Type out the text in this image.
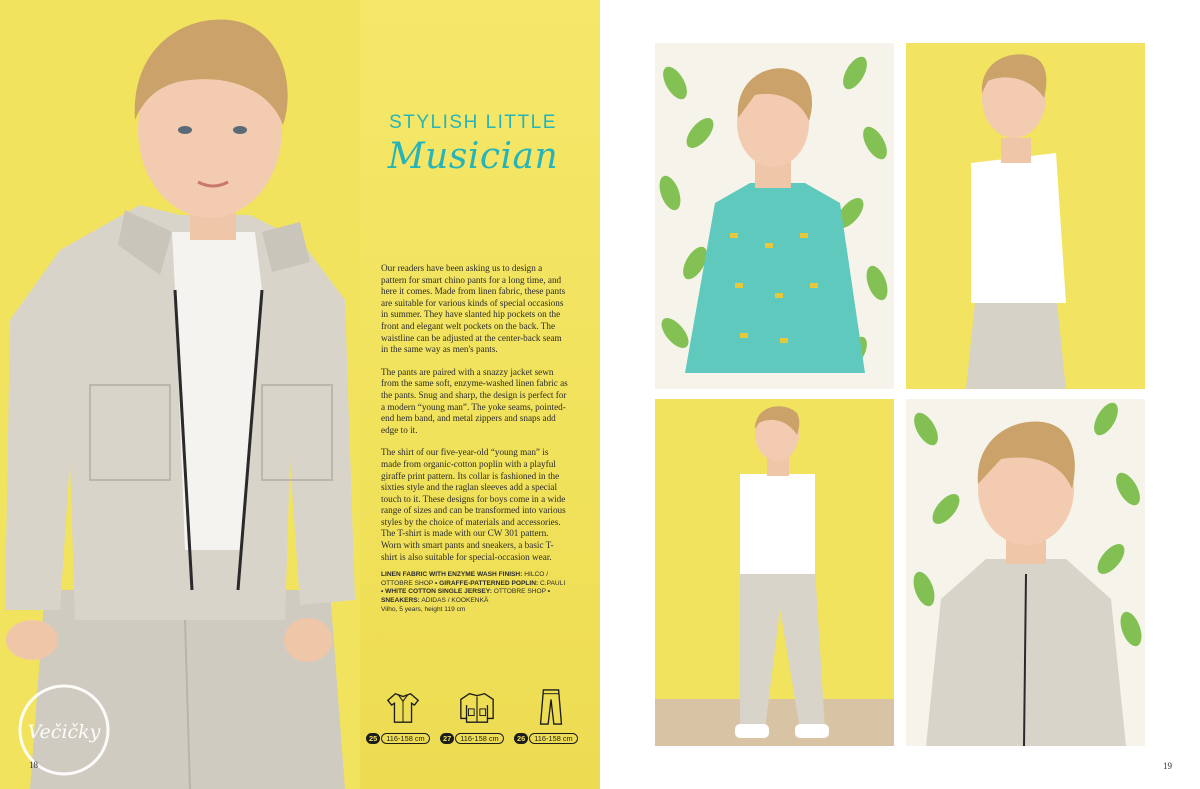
STYLISH LITTLE
Musician

Our readers have been asking us to design a pattern for smart chino pants for a long time, and here it comes. Made from linen fabric, these pants are suitable for various kinds of special occasions in summer. They have slanted hip pockets on the front and elegant welt pockets on the back. The waistline can be adjusted at the center-back seam in the same way as men's pants.

The pants are paired with a snazzy jacket sewn from the same soft, enzyme-washed linen fabric as the pants. Snug and sharp, the design is perfect for a modern “young man”. The yoke seams, pointed-end hem band, and metal zippers and snaps add edge to it.

The shirt of our five-year-old “young man” is made from organic-cotton poplin with a playful giraffe print pattern. Its collar is fashioned in the sixties style and the raglan sleeves add a special touch to it. These designs for boys come in a wide range of sizes and can be transformed into various styles by the choice of materials and accessories. The T-shirt is made with our CW 301 pattern. Worn with smart pants and sneakers, a basic T-shirt is also suitable for special-occasion wear.

LINEN FABRIC WITH ENZYME WASH FINISH: HILCO / OTTOBRE SHOP • GIRAFFE-PATTERNED POPLIN: C.PAULI • WHITE COTTON SINGLE JERSEY: OTTOBRE SHOP • SNEAKERS: ADIDAS / KOOKENKÄ
Vilho, 5 years, height 119 cm
25	116-158 cm	27	116-158 cm	26	116-158 cm
Večičky
18	19
